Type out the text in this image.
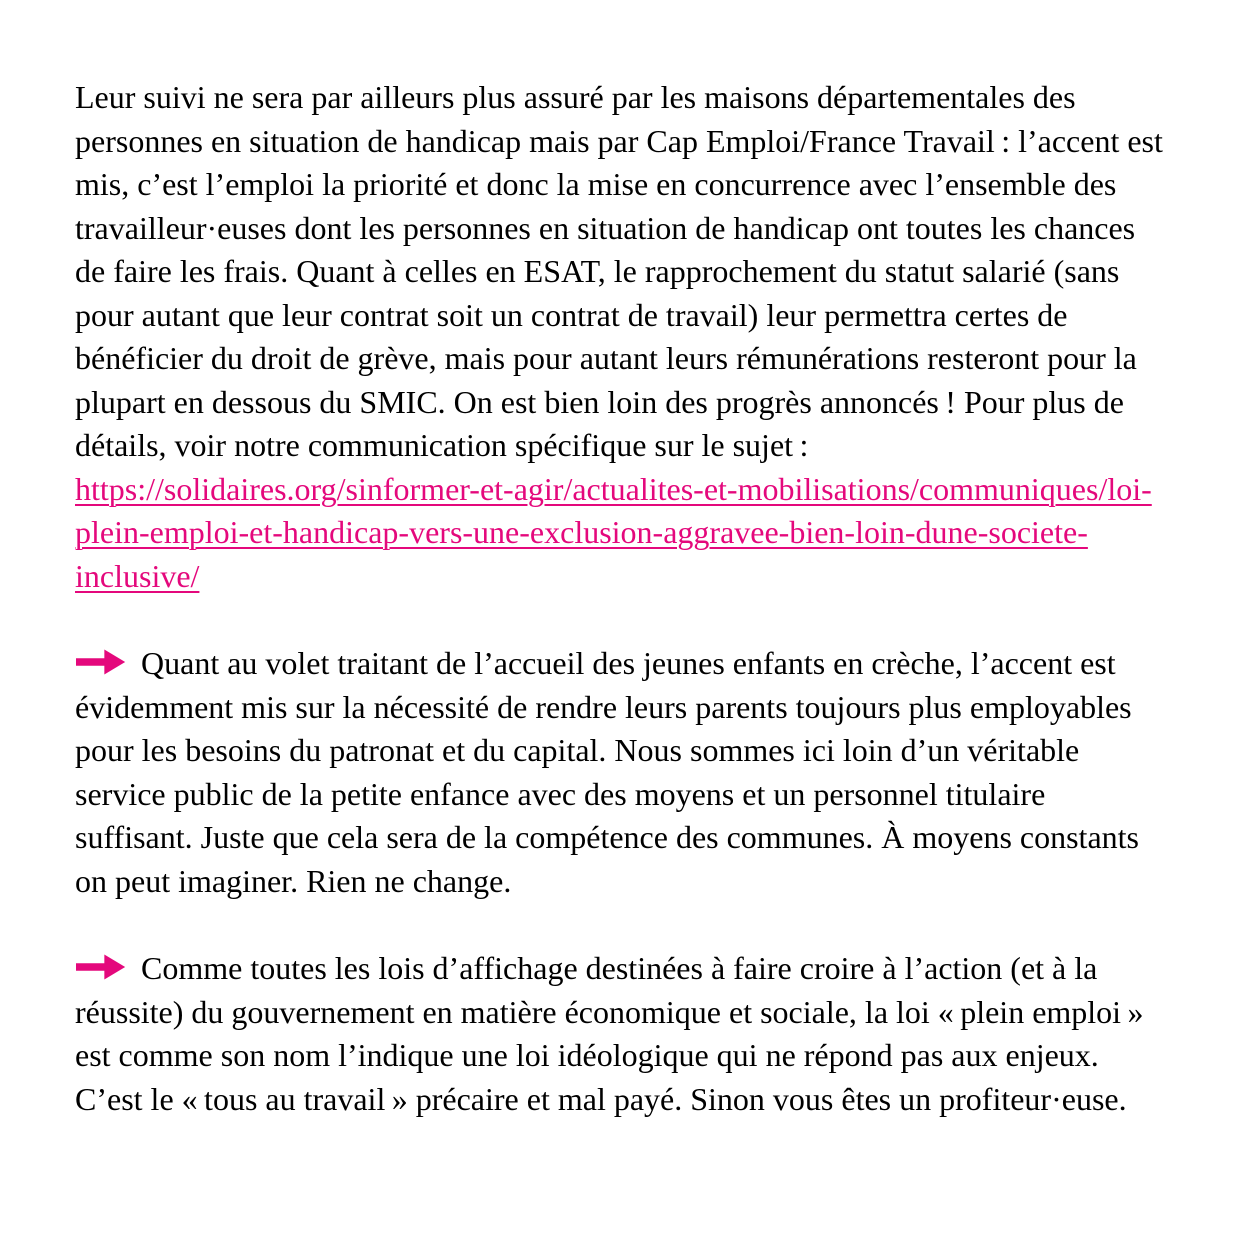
Leur suivi ne sera par ailleurs plus assuré par les maisons départementales des personnes en situation de handicap mais par Cap Emploi/France Travail : l’accent est mis, c’est l’emploi la priorité et donc la mise en concurrence avec l’ensemble des travailleur·euses dont les personnes en situation de handicap ont toutes les chances de faire les frais. Quant à celles en ESAT, le rapprochement du statut salarié (sans pour autant que leur contrat soit un contrat de travail) leur permettra certes de bénéficier du droit de grève, mais pour autant leurs rémunérations resteront pour la plupart en dessous du SMIC. On est bien loin des progrès annoncés ! Pour plus de détails, voir notre communication spécifique sur le sujet : https://solidaires.org/sinformer-et-agir/actualites-et-mobilisations/communiques/loi-plein-emploi-et-handicap-vers-une-exclusion-aggravee-bien-loin-dune-societe-inclusive/

Quant au volet traitant de l’accueil des jeunes enfants en crèche, l’accent est évidemment mis sur la nécessité de rendre leurs parents toujours plus employables pour les besoins du patronat et du capital. Nous sommes ici loin d’un véritable service public de la petite enfance avec des moyens et un personnel titulaire suffisant. Juste que cela sera de la compétence des communes. À moyens constants on peut imaginer. Rien ne change.

Comme toutes les lois d’affichage destinées à faire croire à l’action (et à la réussite) du gouvernement en matière économique et sociale, la loi « plein emploi » est comme son nom l’indique une loi idéologique qui ne répond pas aux enjeux. C’est le « tous au travail » précaire et mal payé. Sinon vous êtes un profiteur·euse.
